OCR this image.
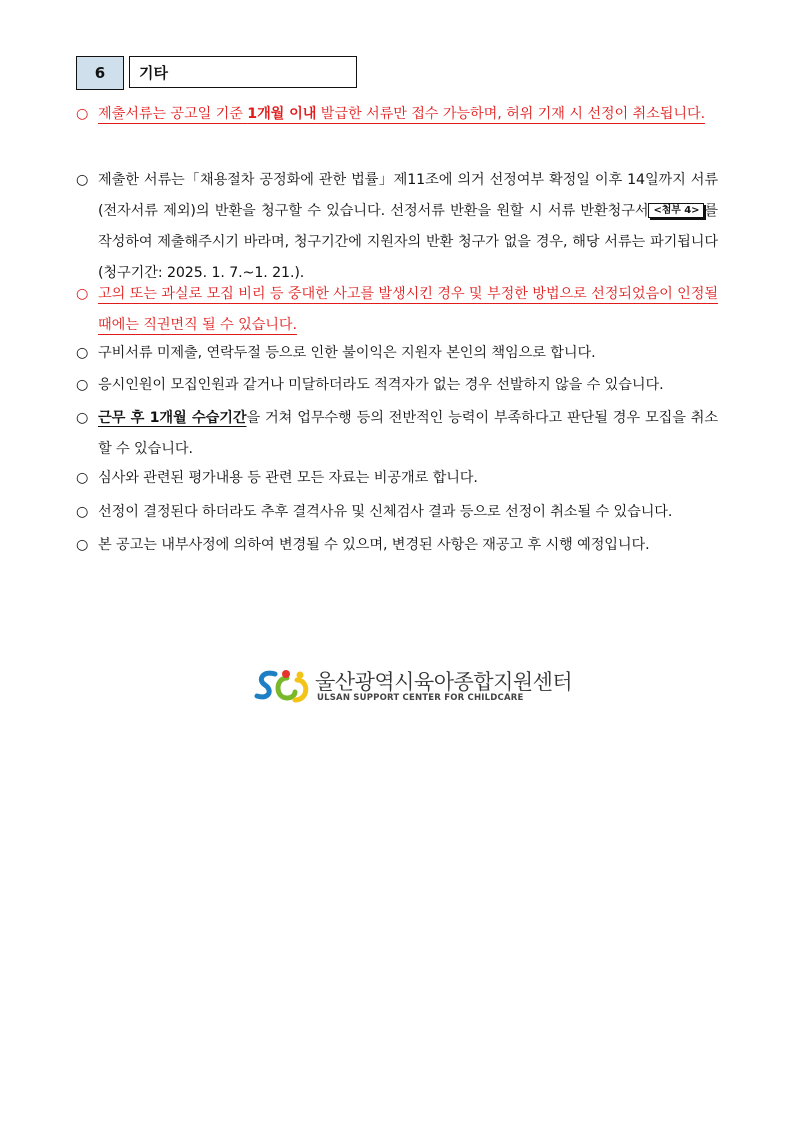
6	기타
○ 제출서류는 공고일 기준 1개월 이내 발급한 서류만 접수 가능하며, 허위 기재 시 선정이 취소됩니다.
○ 제출한 서류는「채용절차 공정화에 관한 법률」제11조에 의거 선정여부 확정일 이후 14일까지 서류(전자서류 제외)의 반환을 청구할 수 있습니다. 선정서류 반환을 원할 시 서류 반환청구서 <첨부 4> 를 작성하여 제출해주시기 바라며, 청구기간에 지원자의 반환 청구가 없을 경우, 해당 서류는 파기됩니다(청구기간: 2025. 1. 7.~1. 21.).
○ 고의 또는 과실로 모집 비리 등 중대한 사고를 발생시킨 경우 및 부정한 방법으로 선정되었음이 인정될 때에는 직권면직 될 수 있습니다.
○ 구비서류 미제출, 연락두절 등으로 인한 불이익은 지원자 본인의 책임으로 합니다.
○ 응시인원이 모집인원과 같거나 미달하더라도 적격자가 없는 경우 선발하지 않을 수 있습니다.
○ 근무 후 1개월 수습기간을 거쳐 업무수행 등의 전반적인 능력이 부족하다고 판단될 경우 모집을 취소할 수 있습니다.
○ 심사와 관련된 평가내용 등 관련 모든 자료는 비공개로 합니다.
○ 선정이 결정된다 하더라도 추후 결격사유 및 신체검사 결과 등으로 선정이 취소될 수 있습니다.
○ 본 공고는 내부사정에 의하여 변경될 수 있으며, 변경된 사항은 재공고 후 시행 예정입니다.
울산광역시육아종합지원센터
ULSAN SUPPORT CENTER FOR CHILDCARE
